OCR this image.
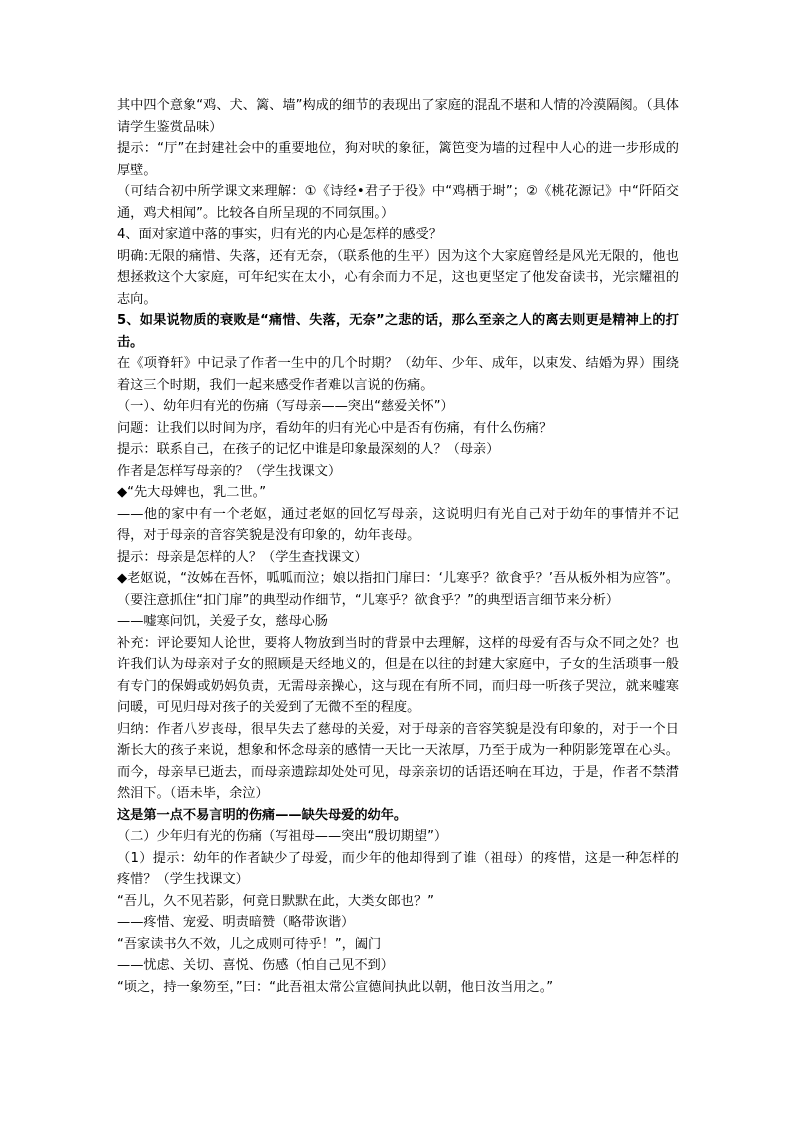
其中四个意象“鸡、犬、篱、墙”构成的细节的表现出了家庭的混乱不堪和人情的冷漠隔阂。（具体请学生鉴赏品味）

提示：“厅”在封建社会中的重要地位，狗对吠的象征，篱笆变为墙的过程中人心的进一步形成的厚壁。

（可结合初中所学课文来理解：①《诗经•君子于役》中“鸡栖于埘”；②《桃花源记》中“阡陌交通，鸡犬相闻”。比较各自所呈现的不同氛围。）

4、面对家道中落的事实，归有光的内心是怎样的感受？

明确:无限的痛惜、失落，还有无奈，（联系他的生平）因为这个大家庭曾经是风光无限的，他也想拯救这个大家庭，可年纪实在太小，心有余而力不足，这也更坚定了他发奋读书，光宗耀祖的志向。

5、如果说物质的衰败是“痛惜、失落，无奈”之悲的话，那么至亲之人的离去则更是精神上的打击。

在《项脊轩》中记录了作者一生中的几个时期？（幼年、少年、成年，以束发、结婚为界）围绕着这三个时期，我们一起来感受作者难以言说的伤痛。

（一）、幼年归有光的伤痛（写母亲——突出“慈爱关怀”）

问题：让我们以时间为序，看幼年的归有光心中是否有伤痛，有什么伤痛？

提示：联系自己，在孩子的记忆中谁是印象最深刻的人？（母亲）

作者是怎样写母亲的？（学生找课文）

◆“先大母婢也，乳二世。”

——他的家中有一个老妪，通过老妪的回忆写母亲，这说明归有光自己对于幼年的事情并不记得，对于母亲的音容笑貌是没有印象的，幼年丧母。

提示：母亲是怎样的人？（学生查找课文）

◆老妪说，“汝姊在吾怀，呱呱而泣；娘以指扣门扉曰：‘儿寒乎？欲食乎？’吾从板外相为应答”。（要注意抓住“扣门扉”的典型动作细节，“儿寒乎？欲食乎？”的典型语言细节来分析）

——嘘寒问饥，关爱子女，慈母心肠

补充：评论要知人论世，要将人物放到当时的背景中去理解，这样的母爱有否与众不同之处？也许我们认为母亲对子女的照顾是天经地义的，但是在以往的封建大家庭中，子女的生活琐事一般有专门的保姆或奶妈负责，无需母亲操心，这与现在有所不同，而归母一听孩子哭泣，就来嘘寒问暖，可见归母对孩子的关爱到了无微不至的程度。

归纳：作者八岁丧母，很早失去了慈母的关爱，对于母亲的音容笑貌是没有印象的，对于一个日渐长大的孩子来说，想象和怀念母亲的感情一天比一天浓厚，乃至于成为一种阴影笼罩在心头。而今，母亲早已逝去，而母亲遗踪却处处可见，母亲亲切的话语还响在耳边，于是，作者不禁潸然泪下。（语未毕，余泣）

这是第一点不易言明的伤痛——缺失母爱的幼年。

（二）少年归有光的伤痛（写祖母——突出“殷切期望”）

（1）提示：幼年的作者缺少了母爱，而少年的他却得到了谁（祖母）的疼惜，这是一种怎样的疼惜？（学生找课文）

“吾儿，久不见若影，何竟日默默在此，大类女郎也？”

——疼惜、宠爱、明责暗赞（略带诙谐）

“吾家读书久不效，儿之成则可待乎！”，阖门

——忧虑、关切、喜悦、伤感（怕自己见不到）

“顷之，持一象笏至，”曰：“此吾祖太常公宣德间执此以朝，他日汝当用之。”
